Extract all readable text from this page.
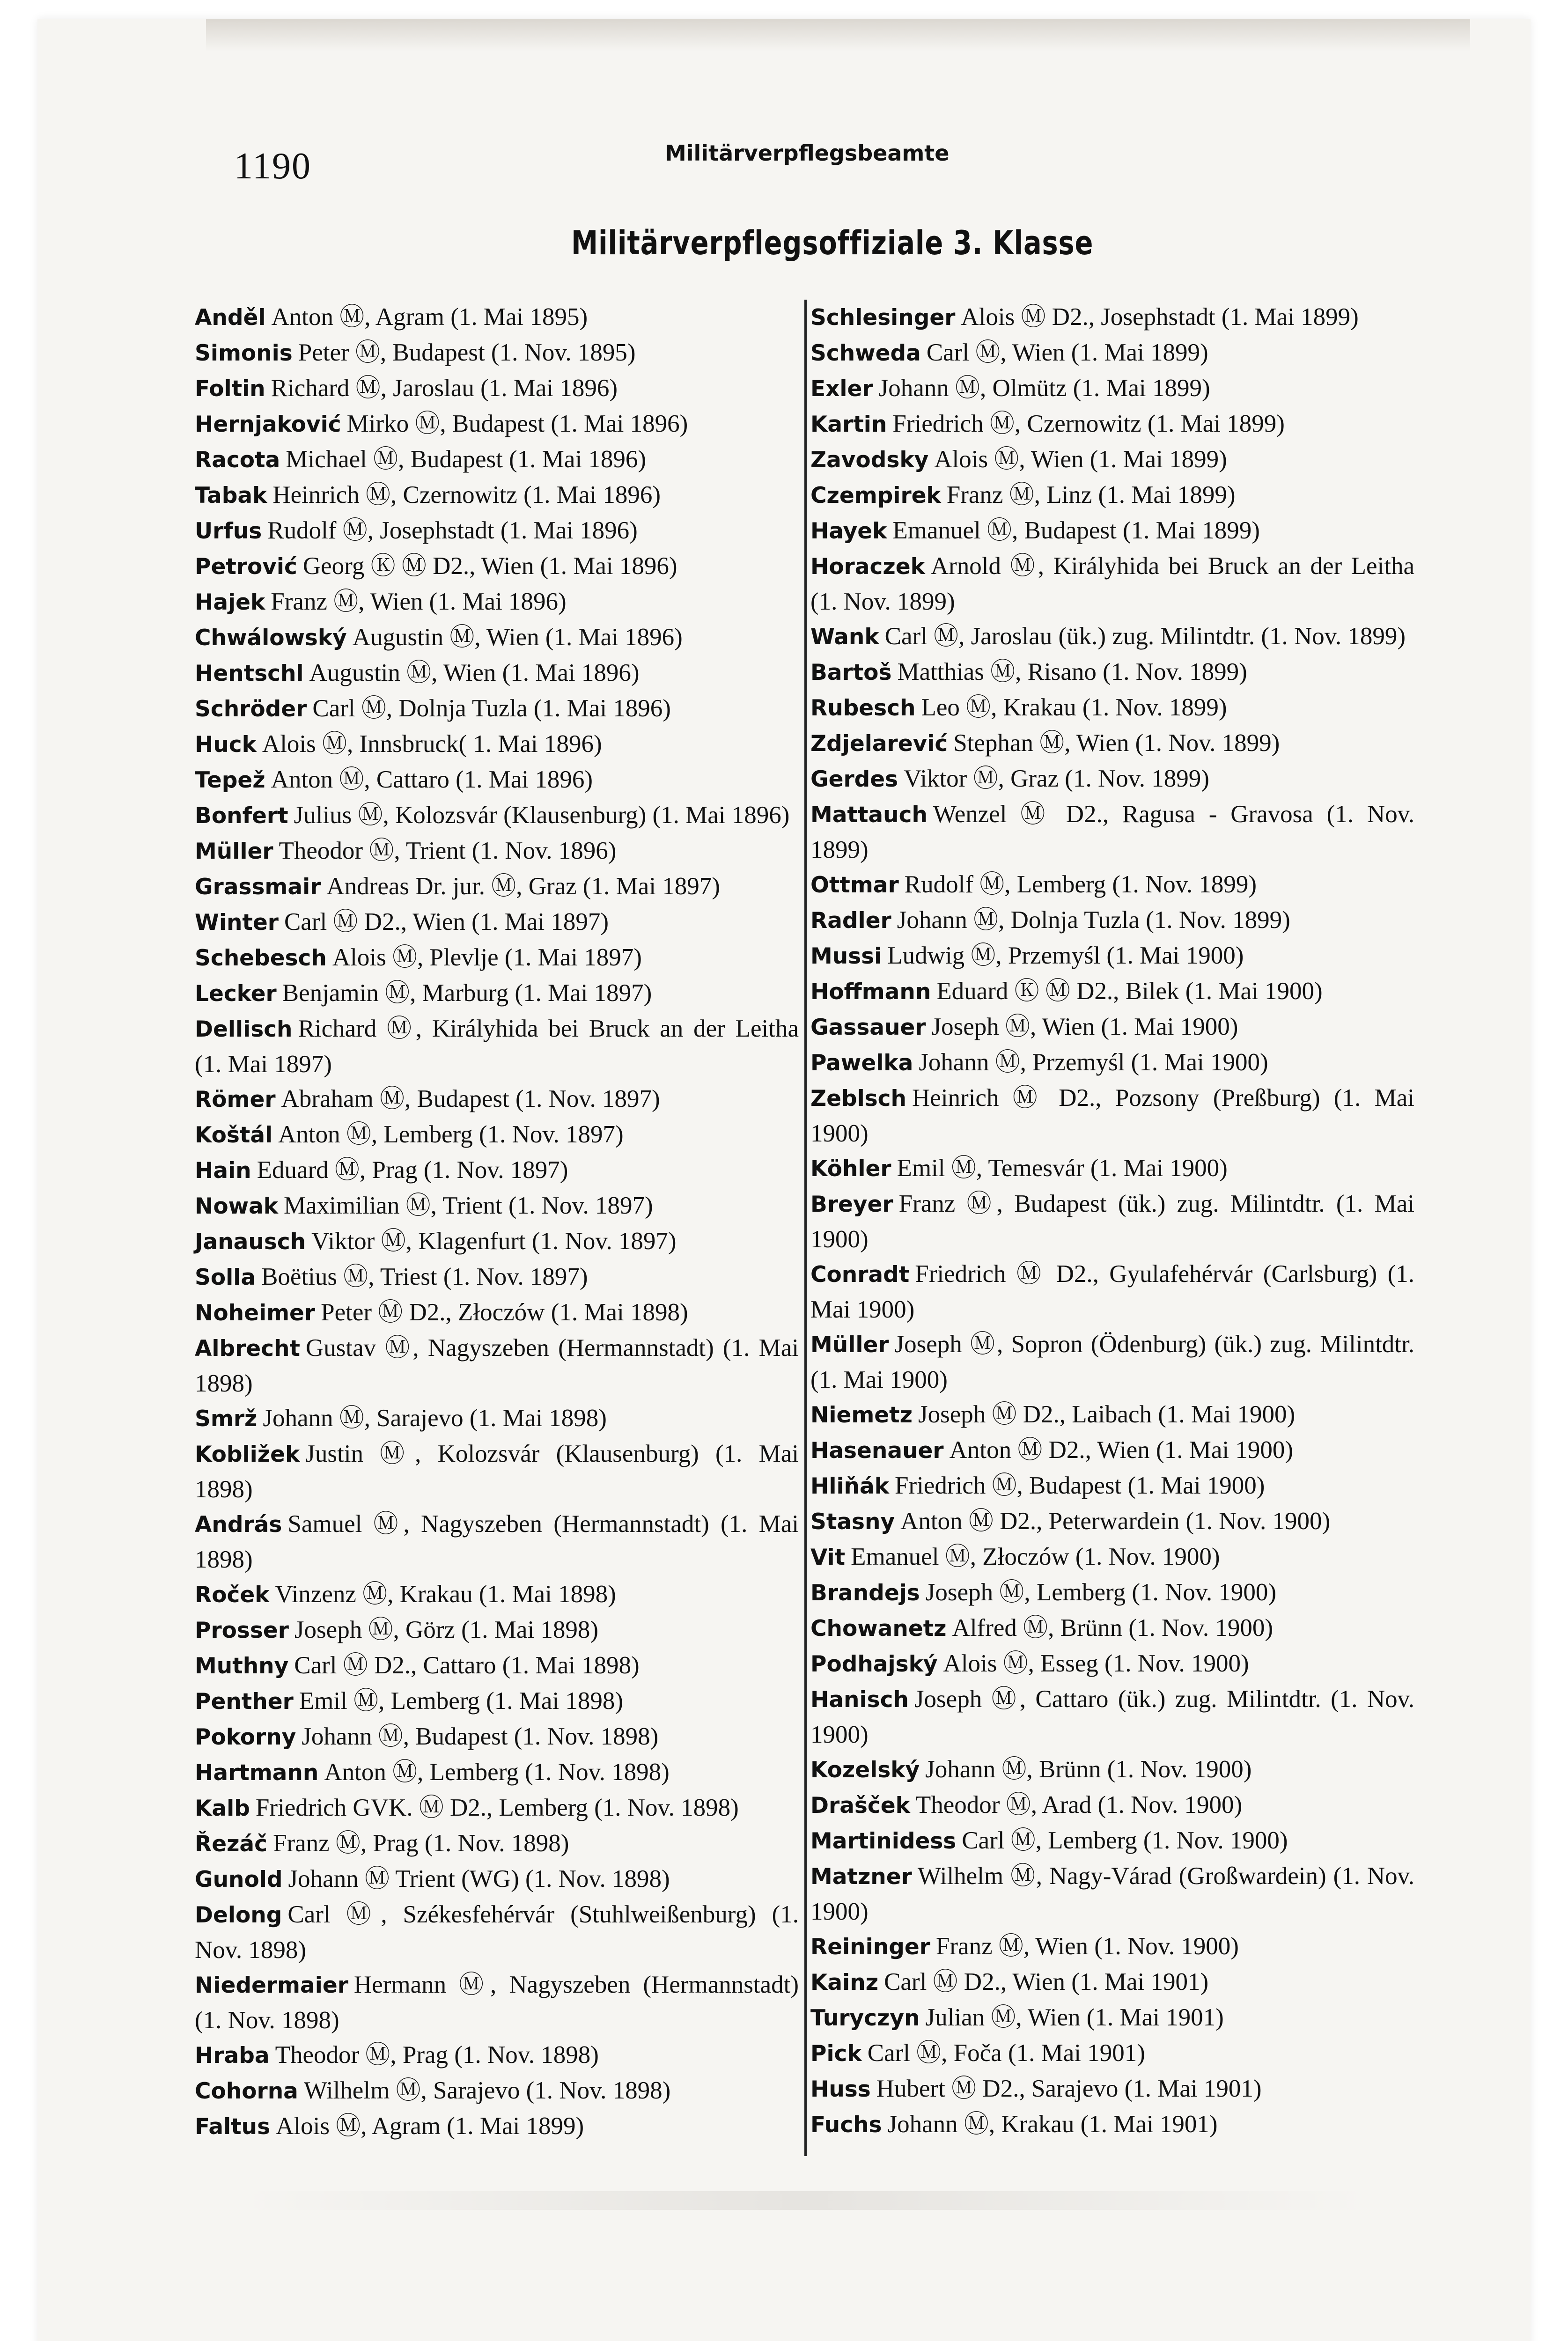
1190	Militärverpflegsbeamte
Militärverpflegsoffiziale 3. Klasse
Anděl Anton Ⓜ, Agram (1. Mai 1895)
Simonis Peter Ⓜ, Budapest (1. Nov. 1895)
Foltin Richard Ⓜ, Jaroslau (1. Mai 1896)
Hernjaković Mirko Ⓜ, Budapest (1. Mai 1896)
Racota Michael Ⓜ, Budapest (1. Mai 1896)
Tabak Heinrich Ⓜ, Czernowitz (1. Mai 1896)
Urfus Rudolf Ⓜ, Josephstadt (1. Mai 1896)
Petrović Georg Ⓚ Ⓜ D2., Wien (1. Mai 1896)
Hajek Franz Ⓜ, Wien (1. Mai 1896)
Chwálowský Augustin Ⓜ, Wien (1. Mai 1896)
Hentschl Augustin Ⓜ, Wien (1. Mai 1896)
Schröder Carl Ⓜ, Dolnja Tuzla (1. Mai 1896)
Huck Alois Ⓜ, Innsbruck( 1. Mai 1896)
Tepež Anton Ⓜ, Cattaro (1. Mai 1896)
Bonfert Julius Ⓜ, Kolozsvár (Klausenburg) (1. Mai 1896)
Müller Theodor Ⓜ, Trient (1. Nov. 1896)
Grassmair Andreas Dr. jur. Ⓜ, Graz (1. Mai 1897)
Winter Carl Ⓜ D2., Wien (1. Mai 1897)
Schebesch Alois Ⓜ, Plevlje (1. Mai 1897)
Lecker Benjamin Ⓜ, Marburg (1. Mai 1897)
Dellisch Richard Ⓜ, Királyhida bei Bruck an der Leitha (1. Mai 1897)
Römer Abraham Ⓜ, Budapest (1. Nov. 1897)
Koštál Anton Ⓜ, Lemberg (1. Nov. 1897)
Hain Eduard Ⓜ, Prag (1. Nov. 1897)
Nowak Maximilian Ⓜ, Trient (1. Nov. 1897)
Janausch Viktor Ⓜ, Klagenfurt (1. Nov. 1897)
Solla Boëtius Ⓜ, Triest (1. Nov. 1897)
Noheimer Peter Ⓜ D2., Złoczów (1. Mai 1898)
Albrecht Gustav Ⓜ, Nagyszeben (Hermannstadt) (1. Mai 1898)
Smrž Johann Ⓜ, Sarajevo (1. Mai 1898)
Kobližek Justin Ⓜ, Kolozsvár (Klausenburg) (1. Mai 1898)
András Samuel Ⓜ, Nagyszeben (Hermannstadt) (1. Mai 1898)
Roček Vinzenz Ⓜ, Krakau (1. Mai 1898)
Prosser Joseph Ⓜ, Görz (1. Mai 1898)
Muthny Carl Ⓜ D2., Cattaro (1. Mai 1898)
Penther Emil Ⓜ, Lemberg (1. Mai 1898)
Pokorny Johann Ⓜ, Budapest (1. Nov. 1898)
Hartmann Anton Ⓜ, Lemberg (1. Nov. 1898)
Kalb Friedrich GVK. Ⓜ D2., Lemberg (1. Nov. 1898)
Řezáč Franz Ⓜ, Prag (1. Nov. 1898)
Gunold Johann Ⓜ Trient (WG) (1. Nov. 1898)
Delong Carl Ⓜ, Székesfehérvár (Stuhlweißenburg) (1. Nov. 1898)
Niedermaier Hermann Ⓜ, Nagyszeben (Hermannstadt) (1. Nov. 1898)
Hraba Theodor Ⓜ, Prag (1. Nov. 1898)
Cohorna Wilhelm Ⓜ, Sarajevo (1. Nov. 1898)
Faltus Alois Ⓜ, Agram (1. Mai 1899)
Schlesinger Alois Ⓜ D2., Josephstadt (1. Mai 1899)
Schweda Carl Ⓜ, Wien (1. Mai 1899)
Exler Johann Ⓜ, Olmütz (1. Mai 1899)
Kartin Friedrich Ⓜ, Czernowitz (1. Mai 1899)
Zavodsky Alois Ⓜ, Wien (1. Mai 1899)
Czempirek Franz Ⓜ, Linz (1. Mai 1899)
Hayek Emanuel Ⓜ, Budapest (1. Mai 1899)
Horaczek Arnold Ⓜ, Királyhida bei Bruck an der Leitha (1. Nov. 1899)
Wank Carl Ⓜ, Jaroslau (ük.) zug. Milintdtr. (1. Nov. 1899)
Bartoš Matthias Ⓜ, Risano (1. Nov. 1899)
Rubesch Leo Ⓜ, Krakau (1. Nov. 1899)
Zdjelarević Stephan Ⓜ, Wien (1. Nov. 1899)
Gerdes Viktor Ⓜ, Graz (1. Nov. 1899)
Mattauch Wenzel Ⓜ D2., Ragusa - Gravosa (1. Nov. 1899)
Ottmar Rudolf Ⓜ, Lemberg (1. Nov. 1899)
Radler Johann Ⓜ, Dolnja Tuzla (1. Nov. 1899)
Mussi Ludwig Ⓜ, Przemyśl (1. Mai 1900)
Hoffmann Eduard Ⓚ Ⓜ D2., Bilek (1. Mai 1900)
Gassauer Joseph Ⓜ, Wien (1. Mai 1900)
Pawelka Johann Ⓜ, Przemyśl (1. Mai 1900)
Zeblsch Heinrich Ⓜ D2., Pozsony (Preßburg) (1. Mai 1900)
Köhler Emil Ⓜ, Temesvár (1. Mai 1900)
Breyer Franz Ⓜ, Budapest (ük.) zug. Milintdtr. (1. Mai 1900)
Conradt Friedrich Ⓜ D2., Gyulafehérvár (Carlsburg) (1. Mai 1900)
Müller Joseph Ⓜ, Sopron (Ödenburg) (ük.) zug. Milintdtr. (1. Mai 1900)
Niemetz Joseph Ⓜ D2., Laibach (1. Mai 1900)
Hasenauer Anton Ⓜ D2., Wien (1. Mai 1900)
Hliňák Friedrich Ⓜ, Budapest (1. Mai 1900)
Stasny Anton Ⓜ D2., Peterwardein (1. Nov. 1900)
Vit Emanuel Ⓜ, Złoczów (1. Nov. 1900)
Brandejs Joseph Ⓜ, Lemberg (1. Nov. 1900)
Chowanetz Alfred Ⓜ, Brünn (1. Nov. 1900)
Podhajský Alois Ⓜ, Esseg (1. Nov. 1900)
Hanisch Joseph Ⓜ, Cattaro (ük.) zug. Milintdtr. (1. Nov. 1900)
Kozelský Johann Ⓜ, Brünn (1. Nov. 1900)
Drašček Theodor Ⓜ, Arad (1. Nov. 1900)
Martinidess Carl Ⓜ, Lemberg (1. Nov. 1900)
Matzner Wilhelm Ⓜ, Nagy-Várad (Großwardein) (1. Nov. 1900)
Reininger Franz Ⓜ, Wien (1. Nov. 1900)
Kainz Carl Ⓜ D2., Wien (1. Mai 1901)
Turyczyn Julian Ⓜ, Wien (1. Mai 1901)
Pick Carl Ⓜ, Foča (1. Mai 1901)
Huss Hubert Ⓜ D2., Sarajevo (1. Mai 1901)
Fuchs Johann Ⓜ, Krakau (1. Mai 1901)
